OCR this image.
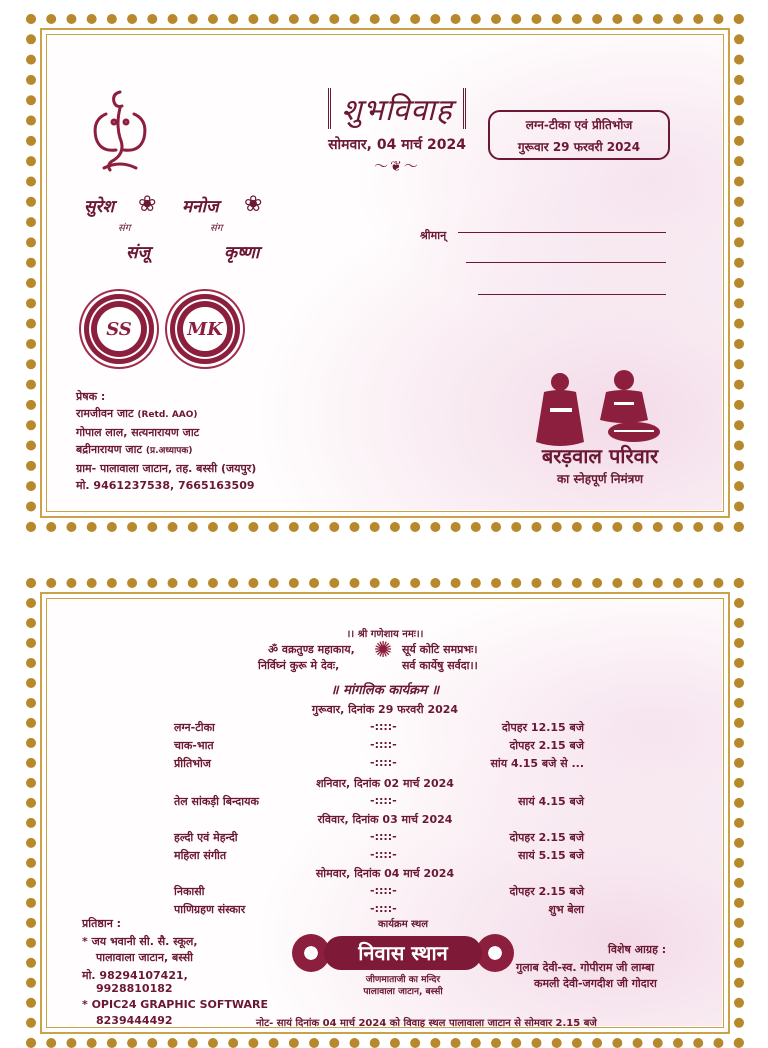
शुभविवाह
सोमवार, 04 मार्च 2024
〜❦〜
लग्न-टीका एवं प्रीतिभोज
गुरूवार 29 फरवरी 2024
सुरेश ❀
संग
संजू
मनोज ❀
संग
कृष्णा
श्रीमान्
SS	MK
प्रेषक :
रामजीवन जाट (Retd. AAO)
गोपाल लाल, सत्यनारायण जाट
बद्रीनारायण जाट (प्र.अध्यापक)
ग्राम- पालावाला जाटान, तह. बस्सी (जयपुर)
मो. 9461237538, 7665163509
बरड़वाल परिवार
का स्नेहपूर्ण निमंत्रण
।। श्री गणेशाय नमः।।
ॐ वक्रतुण्ड महाकाय,	सूर्य कोटि समप्रभः।
निर्विघ्नं कुरू मे देवः,	सर्व कार्येषु सर्वदा।।
✺
॥ मांगलिक कार्यक्रम ॥
गुरूवार, दिनांक 29 फरवरी 2024
लग्न-टीका	-::::-	दोपहर 12.15 बजे
चाक-भात	-::::-	दोपहर 2.15 बजे
प्रीतिभोज	-::::-	सांय 4.15 बजे से ...
शनिवार, दिनांक 02 मार्च 2024
तेल सांकड़ी बिन्दायक	-::::-	सायं 4.15 बजे
रविवार, दिनांक 03 मार्च 2024
हल्दी एवं मेहन्दी	-::::-	दोपहर 2.15 बजे
महिला संगीत	-::::-	सायं 5.15 बजे
सोमवार, दिनांक 04 मार्च 2024
निकासी	-::::-	दोपहर 2.15 बजे
पाणिग्रहण संस्कार	-::::-	शुभ बेला
प्रतिष्ठान :
* जय भवानी सी. सै. स्कूल,
पालावाला जाटान, बस्सी
मो. 98294107421,
9928810182
* OPIC24 GRAPHIC SOFTWARE
8239444492
कार्यक्रम स्थल
निवास स्थान
जीणमाताजी का मन्दिर
पालावाला जाटान, बस्सी
विशेष आग्रह :
गुलाब देवी-स्व. गोपीराम जी लाम्बा
कमली देवी-जगदीश जी गोदारा
नोट- सायं दिनांक 04 मार्च 2024 को विवाह स्थल पालावाला जाटान से सोमवार 2.15 बजे
